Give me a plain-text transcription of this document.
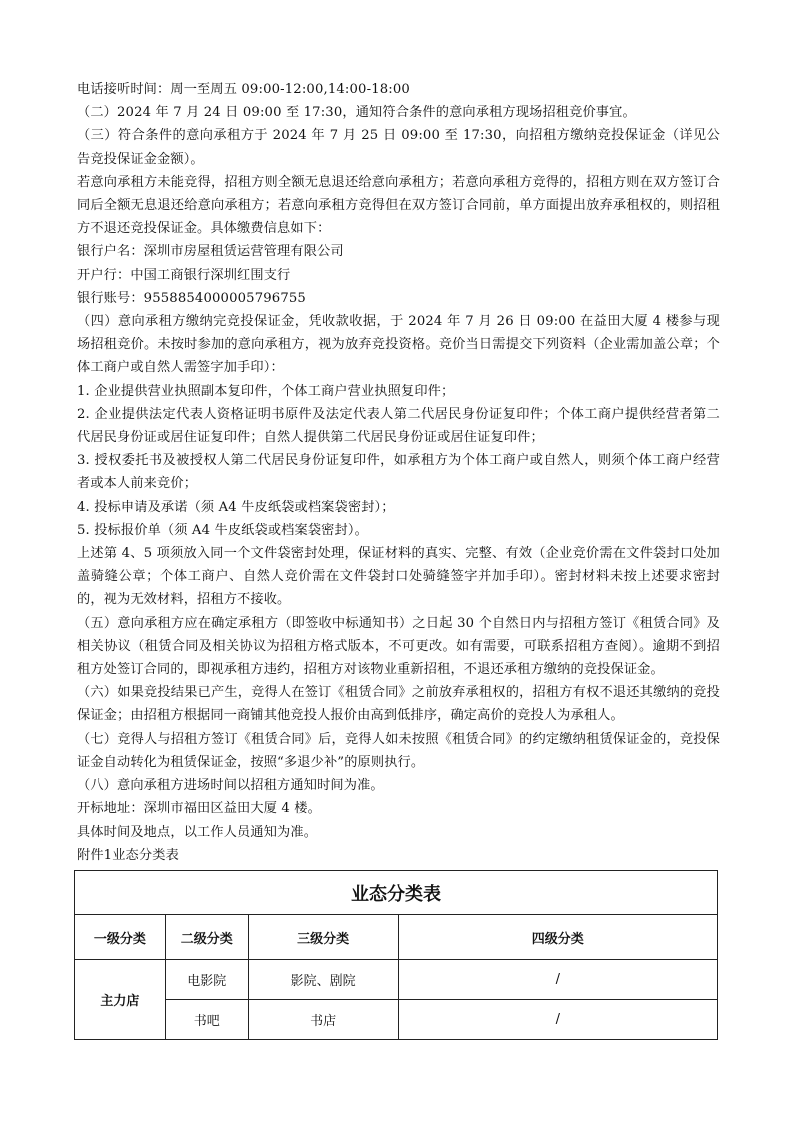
电话接听时间：周一至周五 09:00-12:00,14:00-18:00

（二）2024 年 7 月 24 日 09:00 至 17:30，通知符合条件的意向承租方现场招租竞价事宜。

（三）符合条件的意向承租方于 2024 年 7 月 25 日 09:00 至 17:30，向招租方缴纳竞投保证金（详见公告竞投保证金金额）。

若意向承租方未能竞得，招租方则全额无息退还给意向承租方；若意向承租方竞得的，招租方则在双方签订合同后全额无息退还给意向承租方；若意向承租方竞得但在双方签订合同前，单方面提出放弃承租权的，则招租方不退还竞投保证金。具体缴费信息如下：

银行户名：深圳市房屋租赁运营管理有限公司

开户行：中国工商银行深圳红围支行

银行账号：9558854000005796755

（四）意向承租方缴纳完竞投保证金，凭收款收据，于 2024 年 7 月 26 日 09:00 在益田大厦 4 楼参与现场招租竞价。未按时参加的意向承租方，视为放弃竞投资格。竞价当日需提交下列资料（企业需加盖公章；个体工商户或自然人需签字加手印）：

1. 企业提供营业执照副本复印件，个体工商户营业执照复印件；

2. 企业提供法定代表人资格证明书原件及法定代表人第二代居民身份证复印件；个体工商户提供经营者第二代居民身份证或居住证复印件；自然人提供第二代居民身份证或居住证复印件；

3. 授权委托书及被授权人第二代居民身份证复印件，如承租方为个体工商户或自然人，则须个体工商户经营者或本人前来竞价；

4. 投标申请及承诺（须 A4 牛皮纸袋或档案袋密封）；

5. 投标报价单（须 A4 牛皮纸袋或档案袋密封）。

上述第 4、5 项须放入同一个文件袋密封处理，保证材料的真实、完整、有效（企业竞价需在文件袋封口处加盖骑缝公章；个体工商户、自然人竞价需在文件袋封口处骑缝签字并加手印）。密封材料未按上述要求密封的，视为无效材料，招租方不接收。

（五）意向承租方应在确定承租方（即签收中标通知书）之日起 30 个自然日内与招租方签订《租赁合同》及相关协议（租赁合同及相关协议为招租方格式版本，不可更改。如有需要，可联系招租方查阅）。逾期不到招租方处签订合同的，即视承租方违约，招租方对该物业重新招租，不退还承租方缴纳的竞投保证金。

（六）如果竞投结果已产生，竞得人在签订《租赁合同》之前放弃承租权的，招租方有权不退还其缴纳的竞投保证金；由招租方根据同一商铺其他竞投人报价由高到低排序，确定高价的竞投人为承租人。

（七）竞得人与招租方签订《租赁合同》后，竞得人如未按照《租赁合同》的约定缴纳租赁保证金的，竞投保证金自动转化为租赁保证金，按照“多退少补”的原则执行。

（八）意向承租方进场时间以招租方通知时间为准。

开标地址：深圳市福田区益田大厦 4 楼。

具体时间及地点，以工作人员通知为准。

附件1业态分类表

业态分类表			
一级分类	二级分类	三级分类	四级分类
主力店	电影院	影院、剧院	/
	书吧	书店	/
